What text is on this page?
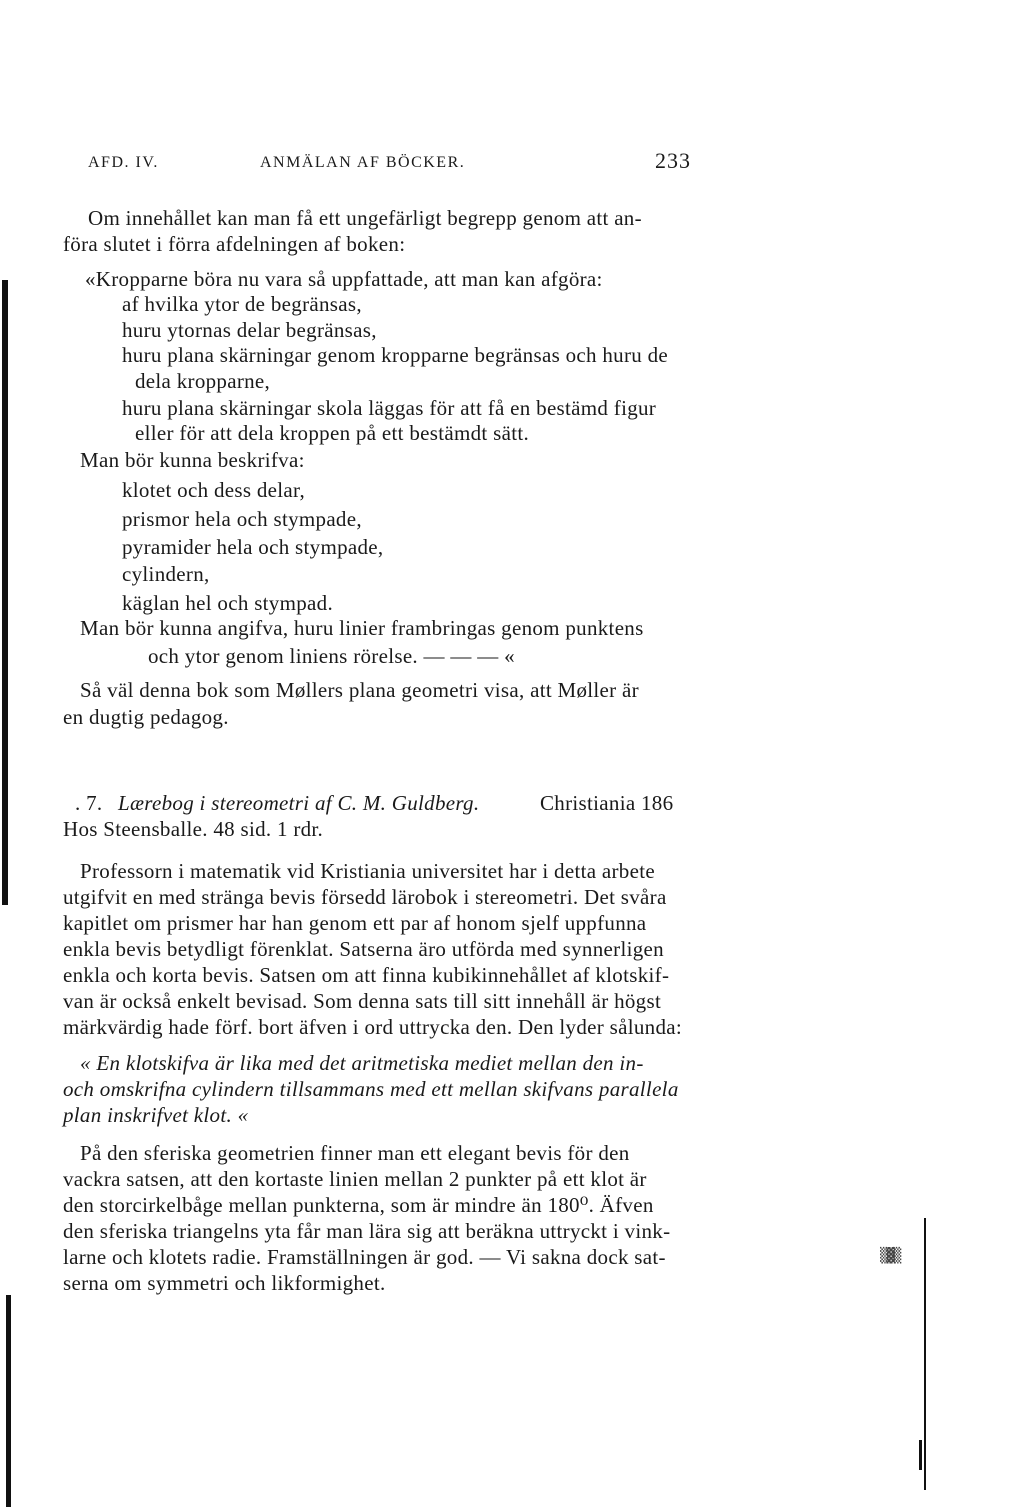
▒▓▒
AFD. IV.	ANMÄLAN AF BÖCKER.	233
Om innehållet kan man få ett ungefärligt begrepp genom att an-
föra slutet i förra afdelningen af boken:
«Kropparne böra nu vara så uppfattade, att man kan afgöra:
af hvilka ytor de begränsas,
huru ytornas delar begränsas,
huru plana skärningar genom kropparne begränsas och huru de
dela kropparne,
huru plana skärningar skola läggas för att få en bestämd figur
eller för att dela kroppen på ett bestämdt sätt.
Man bör kunna beskrifva:
klotet och dess delar,
prismor hela och stympade,
pyramider hela och stympade,
cylindern,
käglan hel och stympad.
Man bör kunna angifva, huru linier frambringas genom punktens
och ytor genom liniens rörelse. — — — «
Så väl denna bok som Møllers plana geometri visa, att Møller är
en dugtig pedagog.
. 7. Lærebog i stereometri af C. M. Guldberg.	Christiania 186
Hos Steensballe. 48 sid. 1 rdr.
Professorn i matematik vid Kristiania universitet har i detta arbete
utgifvit en med stränga bevis försedd lärobok i stereometri. Det svåra
kapitlet om prismer har han genom ett par af honom sjelf uppfunna
enkla bevis betydligt förenklat. Satserna äro utförda med synnerligen
enkla och korta bevis. Satsen om att finna kubikinnehållet af klotskif-
van är också enkelt bevisad. Som denna sats till sitt innehåll är högst
märkvärdig hade förf. bort äfven i ord uttrycka den. Den lyder sålunda:
« En klotskifva är lika med det aritmetiska mediet mellan den in-
och omskrifna cylindern tillsammans med ett mellan skifvans parallela
plan inskrifvet klot. «
På den sferiska geometrien finner man ett elegant bevis för den
vackra satsen, att den kortaste linien mellan 2 punkter på ett klot är
den storcirkelbåge mellan punkterna, som är mindre än 180⁰. Äfven
den sferiska triangelns yta får man lära sig att beräkna uttryckt i vink-
larne och klotets radie. Framställningen är god. — Vi sakna dock sat-
serna om symmetri och likformighet.
